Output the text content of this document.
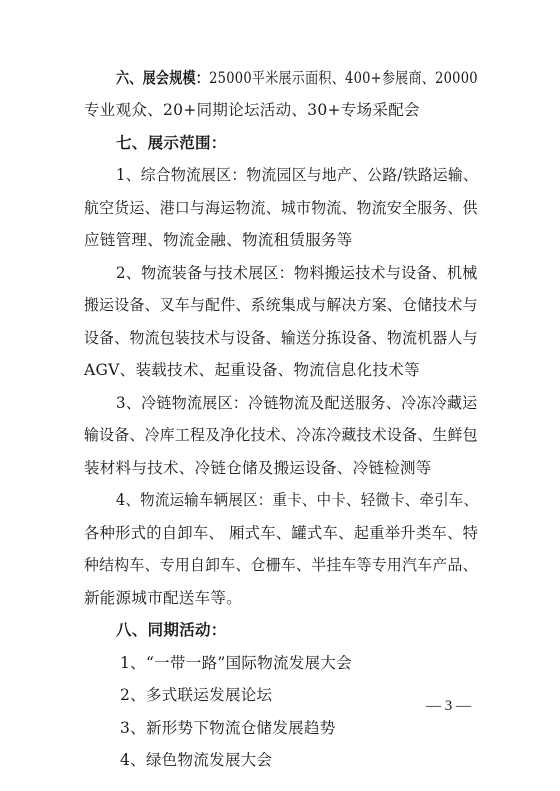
六、展会规模：25000平米展示面积、400+参展商、20000
专业观众、20+同期论坛活动、30+专场采配会
七、展示范围：
1、综合物流展区：物流园区与地产、公路/铁路运输、
航空货运、港口与海运物流、城市物流、物流安全服务、供
应链管理、物流金融、物流租赁服务等
2、物流装备与技术展区：物料搬运技术与设备、机械
搬运设备、叉车与配件、系统集成与解决方案、仓储技术与
设备、物流包装技术与设备、输送分拣设备、物流机器人与
AGV、装载技术、起重设备、物流信息化技术等
3、冷链物流展区：冷链物流及配送服务、冷冻冷藏运
输设备、冷库工程及净化技术、冷冻冷藏技术设备、生鲜包
装材料与技术、冷链仓储及搬运设备、冷链检测等
4、物流运输车辆展区：重卡、中卡、轻微卡、牵引车、
各种形式的自卸车、 厢式车、罐式车、起重举升类车、特
种结构车、专用自卸车、仓栅车、半挂车等专用汽车产品、
新能源城市配送车等。
八、同期活动：
1、“一带一路”国际物流发展大会
2、多式联运发展论坛
3、新形势下物流仓储发展趋势
4、绿色物流发展大会
— 3 —
